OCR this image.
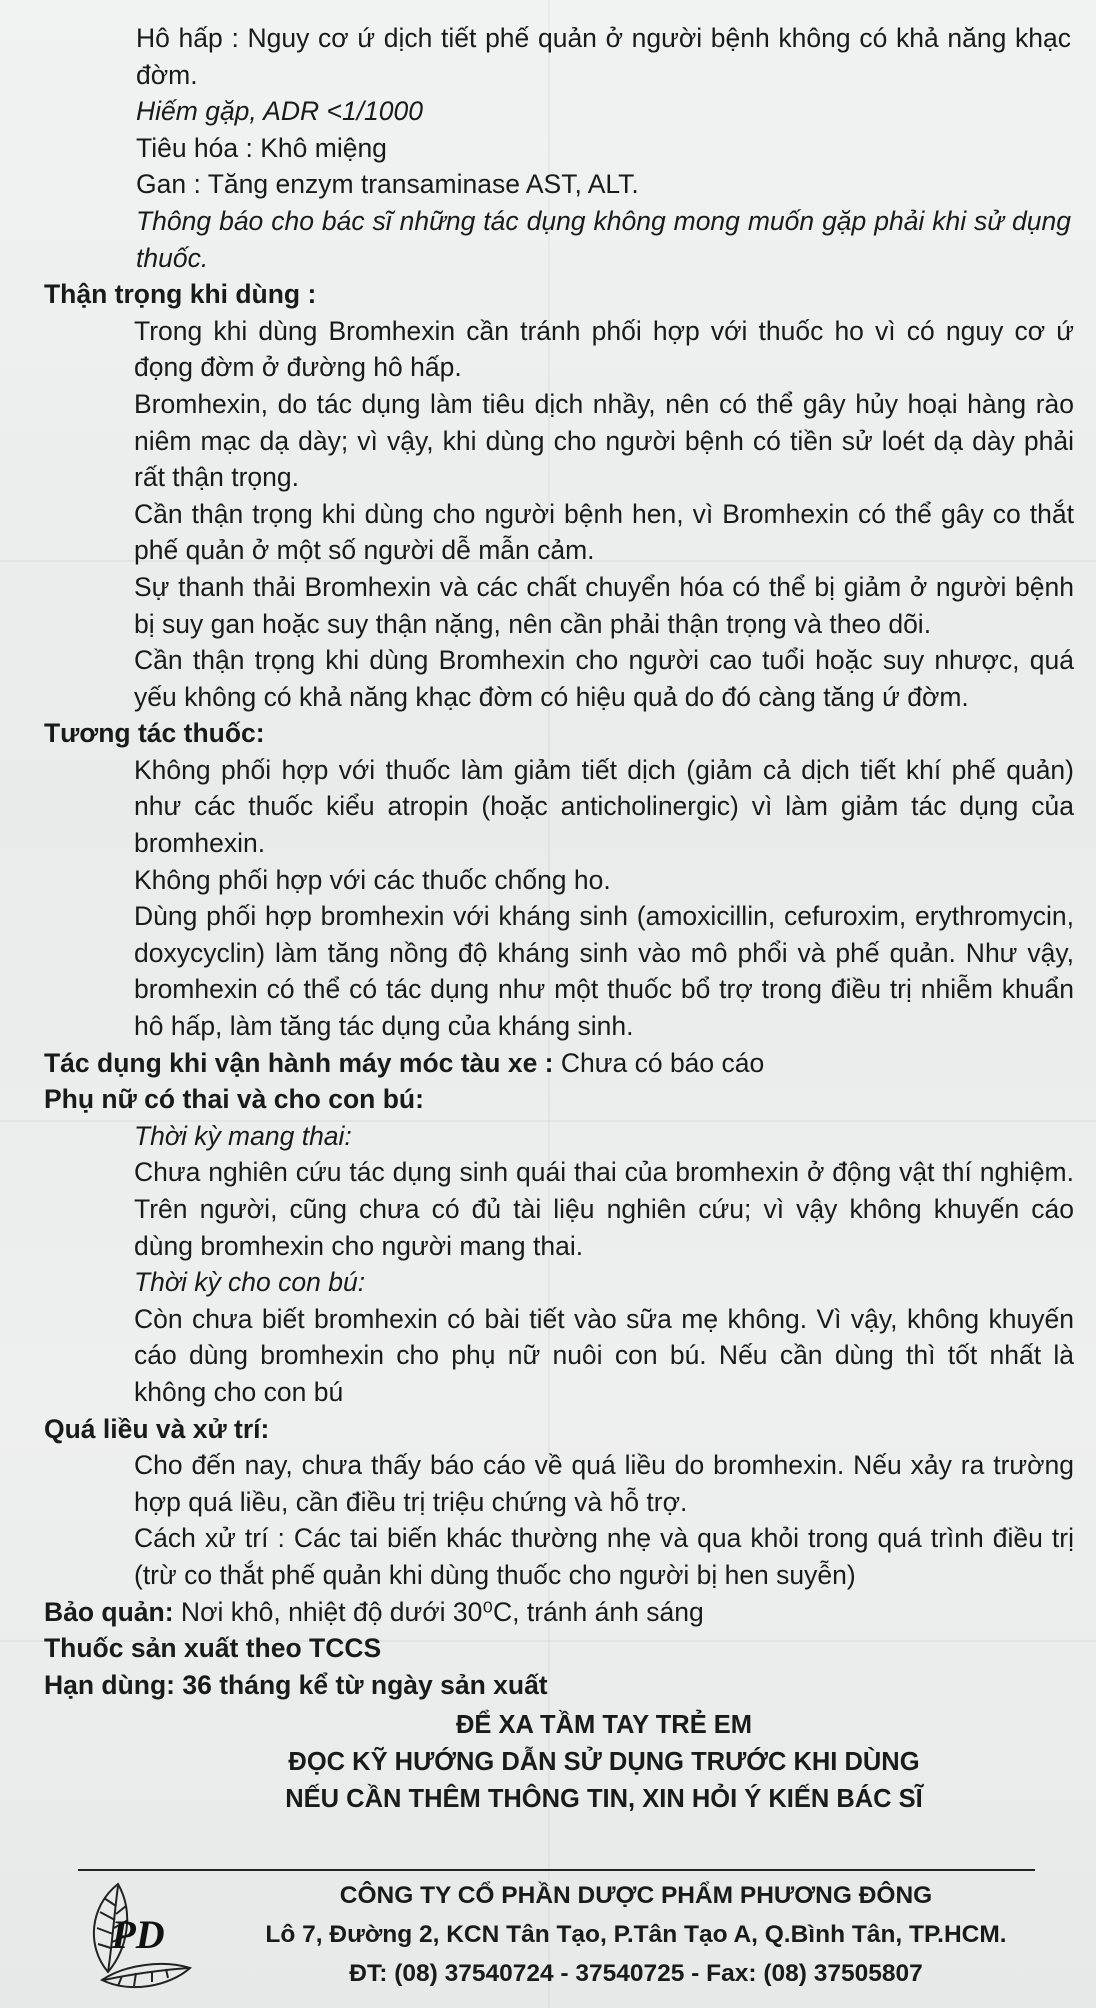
Hô hấp : Nguy cơ ứ dịch tiết phế quản ở người bệnh không có khả năng khạc đờm.

Hiếm gặp, ADR <1/1000

Tiêu hóa : Khô miệng

Gan : Tăng enzym transaminase AST, ALT.

Thông báo cho bác sĩ những tác dụng không mong muốn gặp phải khi sử dụng thuốc.

Thận trọng khi dùng :

Trong khi dùng Bromhexin cần tránh phối hợp với thuốc ho vì có nguy cơ ứ đọng đờm ở đường hô hấp.

Bromhexin, do tác dụng làm tiêu dịch nhầy, nên có thể gây hủy hoại hàng rào niêm mạc dạ dày; vì vậy, khi dùng cho người bệnh có tiền sử loét dạ dày phải rất thận trọng.

Cần thận trọng khi dùng cho người bệnh hen, vì Bromhexin có thể gây co thắt phế quản ở một số người dễ mẫn cảm.

Sự thanh thải Bromhexin và các chất chuyển hóa có thể bị giảm ở người bệnh bị suy gan hoặc suy thận nặng, nên cần phải thận trọng và theo dõi.

Cần thận trọng khi dùng Bromhexin cho người cao tuổi hoặc suy nhược, quá yếu không có khả năng khạc đờm có hiệu quả do đó càng tăng ứ đờm.

Tương tác thuốc:

Không phối hợp với thuốc làm giảm tiết dịch (giảm cả dịch tiết khí phế quản) như các thuốc kiểu atropin (hoặc anticholinergic) vì làm giảm tác dụng của bromhexin.

Không phối hợp với các thuốc chống ho.

Dùng phối hợp bromhexin với kháng sinh (amoxicillin, cefuroxim, erythromycin, doxycyclin) làm tăng nồng độ kháng sinh vào mô phổi và phế quản. Như vậy, bromhexin có thể có tác dụng như một thuốc bổ trợ trong điều trị nhiễm khuẩn hô hấp, làm tăng tác dụng của kháng sinh.

Tác dụng khi vận hành máy móc tàu xe : Chưa có báo cáo

Phụ nữ có thai và cho con bú:

Thời kỳ mang thai:

Chưa nghiên cứu tác dụng sinh quái thai của bromhexin ở động vật thí nghiệm. Trên người, cũng chưa có đủ tài liệu nghiên cứu; vì vậy không khuyến cáo dùng bromhexin cho người mang thai.

Thời kỳ cho con bú:

Còn chưa biết bromhexin có bài tiết vào sữa mẹ không. Vì vậy, không khuyến cáo dùng bromhexin cho phụ nữ nuôi con bú. Nếu cần dùng thì tốt nhất là không cho con bú

Quá liều và xử trí:

Cho đến nay, chưa thấy báo cáo về quá liều do bromhexin. Nếu xảy ra trường hợp quá liều, cần điều trị triệu chứng và hỗ trợ.

Cách xử trí : Các tai biến khác thường nhẹ và qua khỏi trong quá trình điều trị (trừ co thắt phế quản khi dùng thuốc cho người bị hen suyễn)

Bảo quản: Nơi khô, nhiệt độ dưới 30⁰C, tránh ánh sáng

Thuốc sản xuất theo TCCS

Hạn dùng: 36 tháng kể từ ngày sản xuất

ĐỂ XA TẦM TAY TRẺ EM
ĐỌC KỸ HƯỚNG DẪN SỬ DỤNG TRƯỚC KHI DÙNG
NẾU CẦN THÊM THÔNG TIN, XIN HỎI Ý KIẾN BÁC SĨ
PD
CÔNG TY CỔ PHẦN DƯỢC PHẨM PHƯƠNG ĐÔNG
Lô 7, Đường 2, KCN Tân Tạo, P.Tân Tạo A, Q.Bình Tân, TP.HCM.
ĐT: (08) 37540724 - 37540725 - Fax: (08) 37505807
